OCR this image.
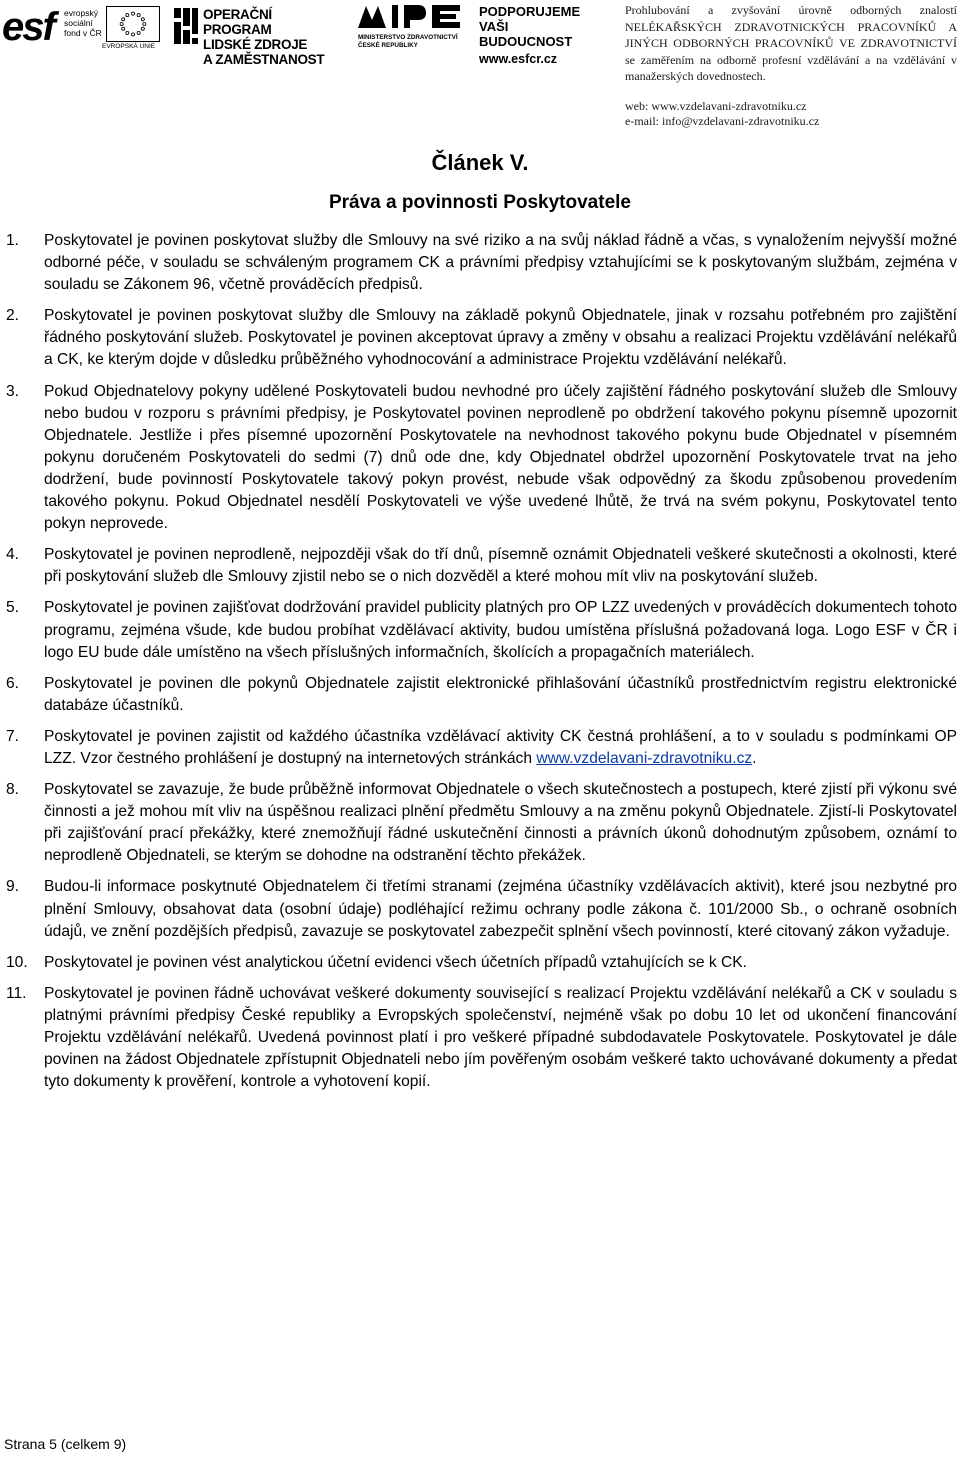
esf evropský
sociální
fond v ČR
EVROPSKÁ UNIE
OPERAČNÍ PROGRAM
LIDSKÉ ZDROJE
A ZAMĚSTNANOST
MINISTERSTVO ZDRAVOTNICTVÍ
ČESKÉ REPUBLIKY
PODPORUJEME
VAŠI BUDOUCNOST
www.esfcr.cz
Prohlubování a zvyšování úrovně odborných znalostí NELÉKAŘSKÝCH ZDRAVOTNICKÝCH PRACOVNÍKŮ A JINÝCH ODBORNÝCH PRACOVNÍKŮ VE ZDRAVOTNICTVÍ se zaměřením na odborně profesní vzdělávání a na vzdělávání v manažerských dovednostech.
web: www.vzdelavani-zdravotniku.cz
e-mail: info@vzdelavani-zdravotniku.cz
Článek V.
Práva a povinnosti Poskytovatele
1.	Poskytovatel je povinen poskytovat služby dle Smlouvy na své riziko a na svůj náklad řádně a včas, s vynaložením nejvyšší možné odborné péče, v souladu se schváleným programem CK a právními předpisy vztahujícími se k poskytovaným službám, zejména v souladu se Zákonem 96, včetně prováděcích předpisů.
2.	Poskytovatel je povinen poskytovat služby dle Smlouvy na základě pokynů Objednatele, jinak v rozsahu potřebném pro zajištění řádného poskytování služeb. Poskytovatel je povinen akceptovat úpravy a změny v obsahu a realizaci Projektu vzdělávání nelékařů a CK, ke kterým dojde v důsledku průběžného vyhodnocování a administrace Projektu vzdělávání nelékařů.
3.	Pokud Objednatelovy pokyny udělené Poskytovateli budou nevhodné pro účely zajištění řádného poskytování služeb dle Smlouvy nebo budou v rozporu s právními předpisy, je Poskytovatel povinen neprodleně po obdržení takového pokynu písemně upozornit Objednatele. Jestliže i přes písemné upozornění Poskytovatele na nevhodnost takového pokynu bude Objednatel v písemném pokynu doručeném Poskytovateli do sedmi (7) dnů ode dne, kdy Objednatel obdržel upozornění Poskytovatele trvat na jeho dodržení, bude povinností Poskytovatele takový pokyn provést, nebude však odpovědný za škodu způsobenou provedením takového pokynu. Pokud Objednatel nesdělí Poskytovateli ve výše uvedené lhůtě, že trvá na svém pokynu, Poskytovatel tento pokyn neprovede.
4.	Poskytovatel je povinen neprodleně, nejpozději však do tří dnů, písemně oznámit Objednateli veškeré skutečnosti a okolnosti, které při poskytování služeb dle Smlouvy zjistil nebo se o nich dozvěděl a které mohou mít vliv na poskytování služeb.
5.	Poskytovatel je povinen zajišťovat dodržování pravidel publicity platných pro OP LZZ uvedených v prováděcích dokumentech tohoto programu, zejména všude, kde budou probíhat vzdělávací aktivity, budou umístěna příslušná požadovaná loga. Logo ESF v ČR i logo EU bude dále umístěno na všech příslušných informačních, školících a propagačních materiálech.
6.	Poskytovatel je povinen dle pokynů Objednatele zajistit elektronické přihlašování účastníků prostřednictvím registru elektronické databáze účastníků.
7.	Poskytovatel je povinen zajistit od každého účastníka vzdělávací aktivity CK čestná prohlášení, a to v souladu s podmínkami OP LZZ. Vzor čestného prohlášení je dostupný na internetových stránkách www.vzdelavani-zdravotniku.cz.
8.	Poskytovatel se zavazuje, že bude průběžně informovat Objednatele o všech skutečnostech a postupech, které zjistí při výkonu své činnosti a jež mohou mít vliv na úspěšnou realizaci plnění předmětu Smlouvy a na změnu pokynů Objednatele. Zjistí-li Poskytovatel při zajišťování prací překážky, které znemožňují řádné uskutečnění činnosti a právních úkonů dohodnutým způsobem, oznámí to neprodleně Objednateli, se kterým se dohodne na odstranění těchto překážek.
9.	Budou-li informace poskytnuté Objednatelem či třetími stranami (zejména účastníky vzdělávacích aktivit), které jsou nezbytné pro plnění Smlouvy, obsahovat data (osobní údaje) podléhající režimu ochrany podle zákona č. 101/2000 Sb., o ochraně osobních údajů, ve znění pozdějších předpisů, zavazuje se poskytovatel zabezpečit splnění všech povinností, které citovaný zákon vyžaduje.
10.	Poskytovatel je povinen vést analytickou účetní evidenci všech účetních případů vztahujících se k CK.
11.	Poskytovatel je povinen řádně uchovávat veškeré dokumenty související s realizací Projektu vzdělávání nelékařů a CK v souladu s platnými právními předpisy České republiky a Evropských společenství, nejméně však po dobu 10 let od ukončení financování Projektu vzdělávání nelékařů. Uvedená povinnost platí i pro veškeré případné subdodavatele Poskytovatele. Poskytovatel je dále povinen na žádost Objednatele zpřístupnit Objednateli nebo jím pověřeným osobám veškeré takto uchovávané dokumenty a předat tyto dokumenty k prověření, kontrole a vyhotovení kopií.
Strana 5 (celkem 9)
